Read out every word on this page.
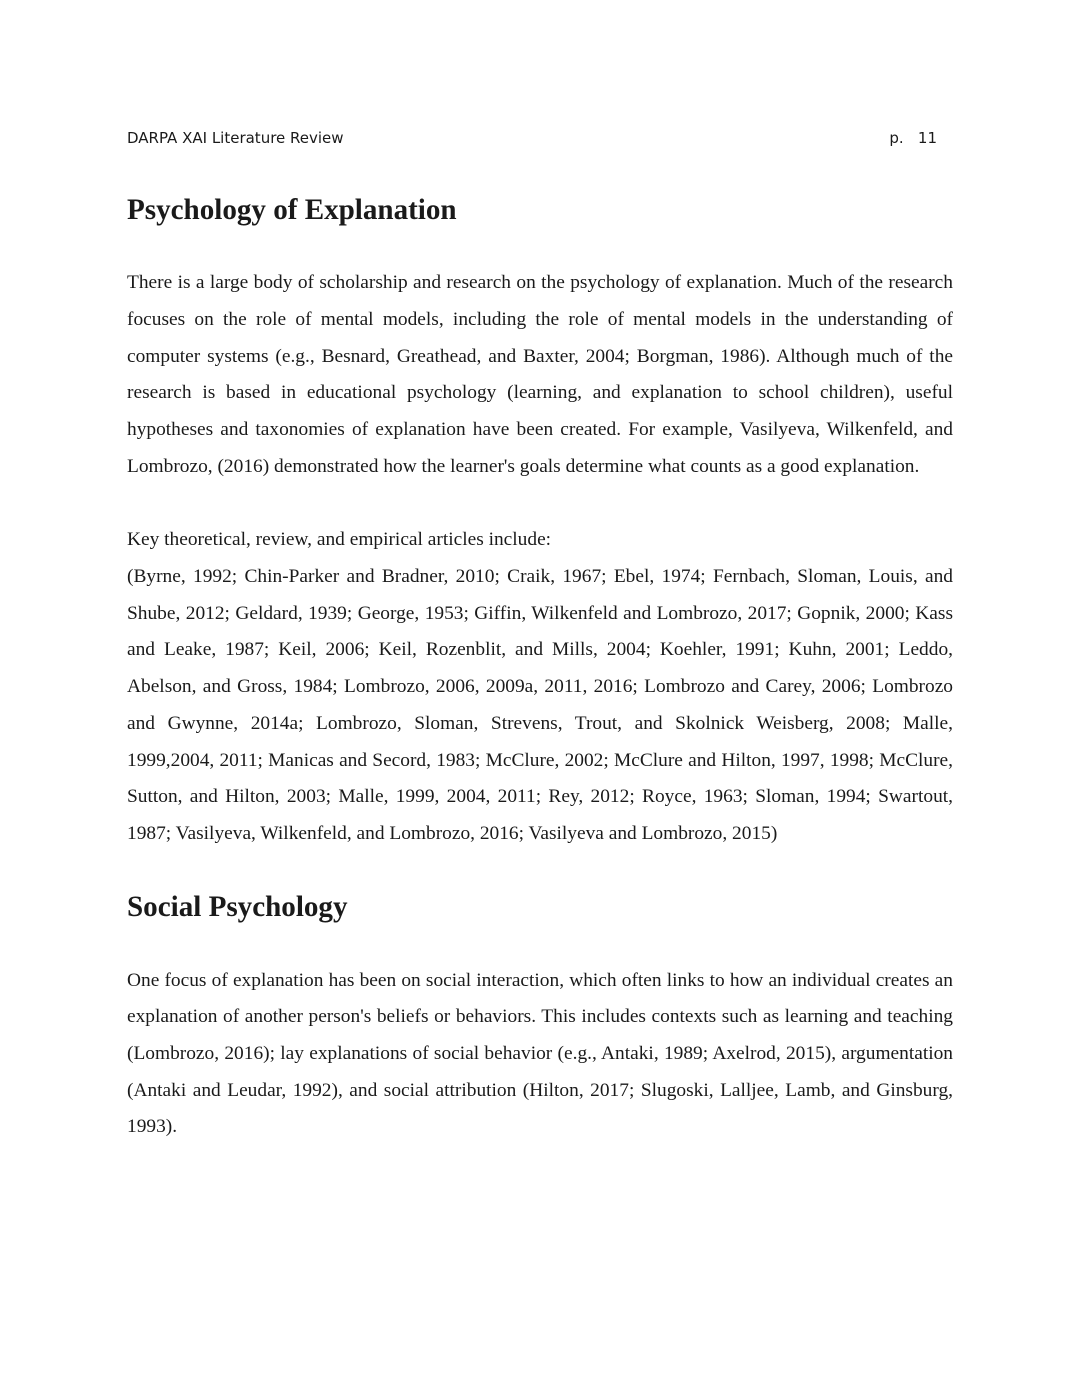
DARPA XAI Literature Review	p.   11
Psychology of Explanation

There is a large body of scholarship and research on the psychology of explanation. Much of the research focuses on the role of mental models, including the role of mental models in the understanding of computer systems (e.g., Besnard, Greathead, and Baxter, 2004; Borgman, 1986). Although much of the research is based in educational psychology (learning, and explanation to school children), useful hypotheses and taxonomies of explanation have been created. For example, Vasilyeva, Wilkenfeld, and Lombrozo, (2016) demonstrated how the learner's goals determine what counts as a good explanation.

Key theoretical, review, and empirical articles include:

(Byrne, 1992; Chin-Parker and Bradner, 2010; Craik, 1967; Ebel, 1974; Fernbach, Sloman, Louis, and Shube, 2012; Geldard, 1939; George, 1953; Giffin, Wilkenfeld and Lombrozo, 2017; Gopnik, 2000; Kass and Leake, 1987; Keil, 2006; Keil, Rozenblit, and Mills, 2004; Koehler, 1991; Kuhn, 2001; Leddo, Abelson, and Gross, 1984; Lombrozo, 2006, 2009a, 2011, 2016; Lombrozo and Carey, 2006; Lombrozo and Gwynne, 2014a; Lombrozo, Sloman, Strevens, Trout, and Skolnick Weisberg, 2008; Malle, 1999,2004, 2011; Manicas and Secord, 1983; McClure, 2002; McClure and Hilton, 1997, 1998; McClure, Sutton, and Hilton, 2003; Malle, 1999, 2004, 2011; Rey, 2012; Royce, 1963; Sloman, 1994; Swartout, 1987; Vasilyeva, Wilkenfeld, and Lombrozo, 2016; Vasilyeva and Lombrozo, 2015)

Social Psychology

One focus of explanation has been on social interaction, which often links to how an individual creates an explanation of another person's beliefs or behaviors. This includes contexts such as learning and teaching (Lombrozo, 2016); lay explanations of social behavior (e.g., Antaki, 1989; Axelrod, 2015), argumentation (Antaki and Leudar, 1992), and social attribution (Hilton, 2017; Slugoski, Lalljee, Lamb, and Ginsburg, 1993).
